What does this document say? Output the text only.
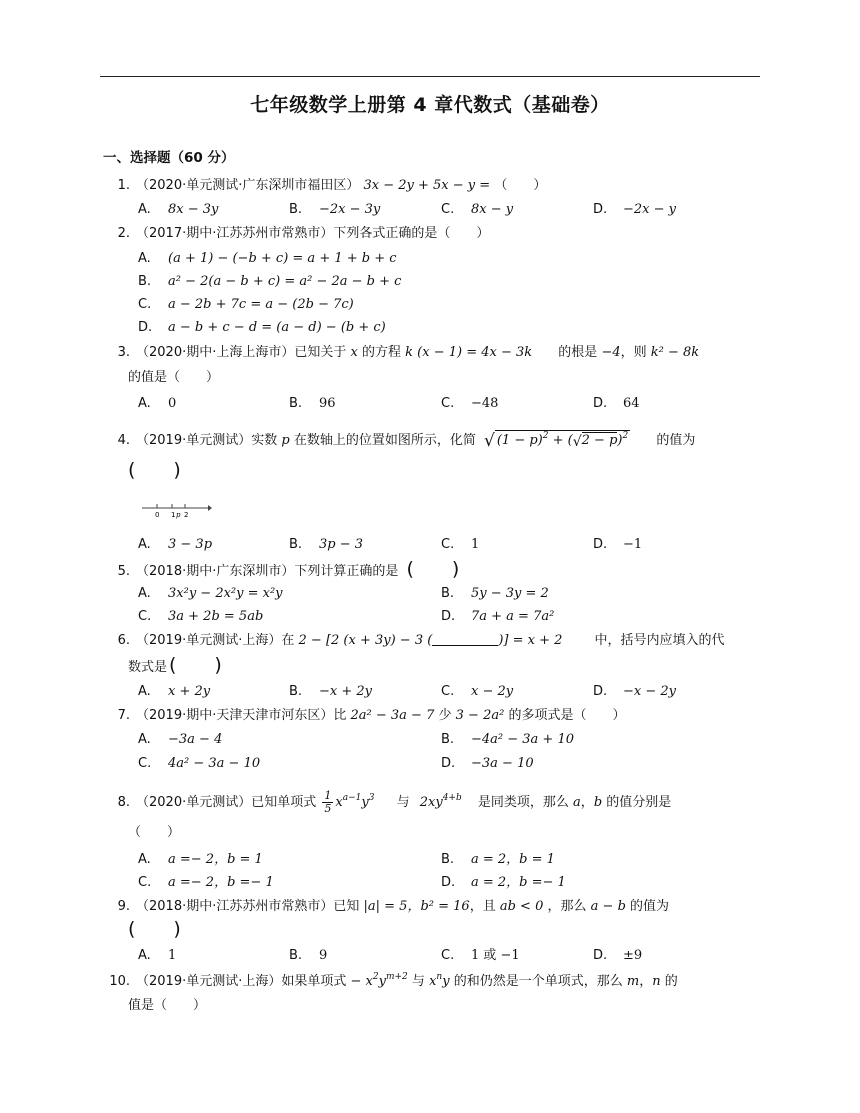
七年级数学上册第 4 章代数式（基础卷）
一、选择题（60 分）
1. （2020·单元测试·广东深圳市福田区） 3x − 2y + 5x − y = （　　）
A. 8x − 3y	B. −2x − 3y	C. 8x − y	D. −2x − y
2. （2017·期中·江苏苏州市常熟市）下列各式正确的是（　　）
A. (a + 1) − (−b + c) = a + 1 + b + c
B. a² − 2(a − b + c) = a² − 2a − b + c
C. a − 2b + 7c = a − (2b − 7c)
D. a − b + c − d = (a − d) − (b + c)
3. （2020·期中·上海上海市）已知关于 x 的方程 k (x − 1) = 4x − 3k 的根是 −4，则 k² − 8k
的值是（　　）
A. 0	B. 96	C. −48	D. 64
4. （2019·单元测试）实数 p 在数轴上的位置如图所示，化简 √ $(1 - p)^2 + (√2 - p)^2$ 的值为
(　　)
0 1 p 2
A. 3 − 3p	B. 3p − 3	C. 1	D. −1
5. （2018·期中·广东深圳市）下列计算正确的是 (　　)
A. 3x²y − 2x²y = x²y	B. 5y − 3y = 2
C. 3a + 2b = 5ab	D. 7a + a = 7a²
6. （2019·单元测试·上海）在 2 − [2 (x + 3y) − 3 (	)] = x + 2 中，括号内应填入的代
数式是 (　　)
A. x + 2y	B. −x + 2y	C. x − 2y	D. −x − 2y
7. （2019·期中·天津天津市河东区）比 2a² − 3a − 7 少 3 − 2a² 的多项式是（　　）
A. −3a − 4	B. −4a² − 3a + 10
C. 4a² − 3a − 10	D. −3a − 10
8. （2020·单元测试）已知单项式 $\frac{1}{5} x^{a-1}y^3$ 与 $2xy^{4+b}$ 是同类项，那么 a，b 的值分别是
（　　）
A. a =− 2，b = 1	B. a = 2，b = 1
C. a =− 2，b =− 1	D. a = 2，b =− 1
9. （2018·期中·江苏苏州市常熟市）已知 |a| = 5，b² = 16，且 ab < 0 ，那么 a − b 的值为
(　　)
A. 1	B. 9	C. 1 或 −1	D. ±9
10. （2019·单元测试·上海）如果单项式 − $x^2y^{m+2}$ 与 $x^ny$ 的和仍然是一个单项式，那么 m，n 的
值是（　　）
